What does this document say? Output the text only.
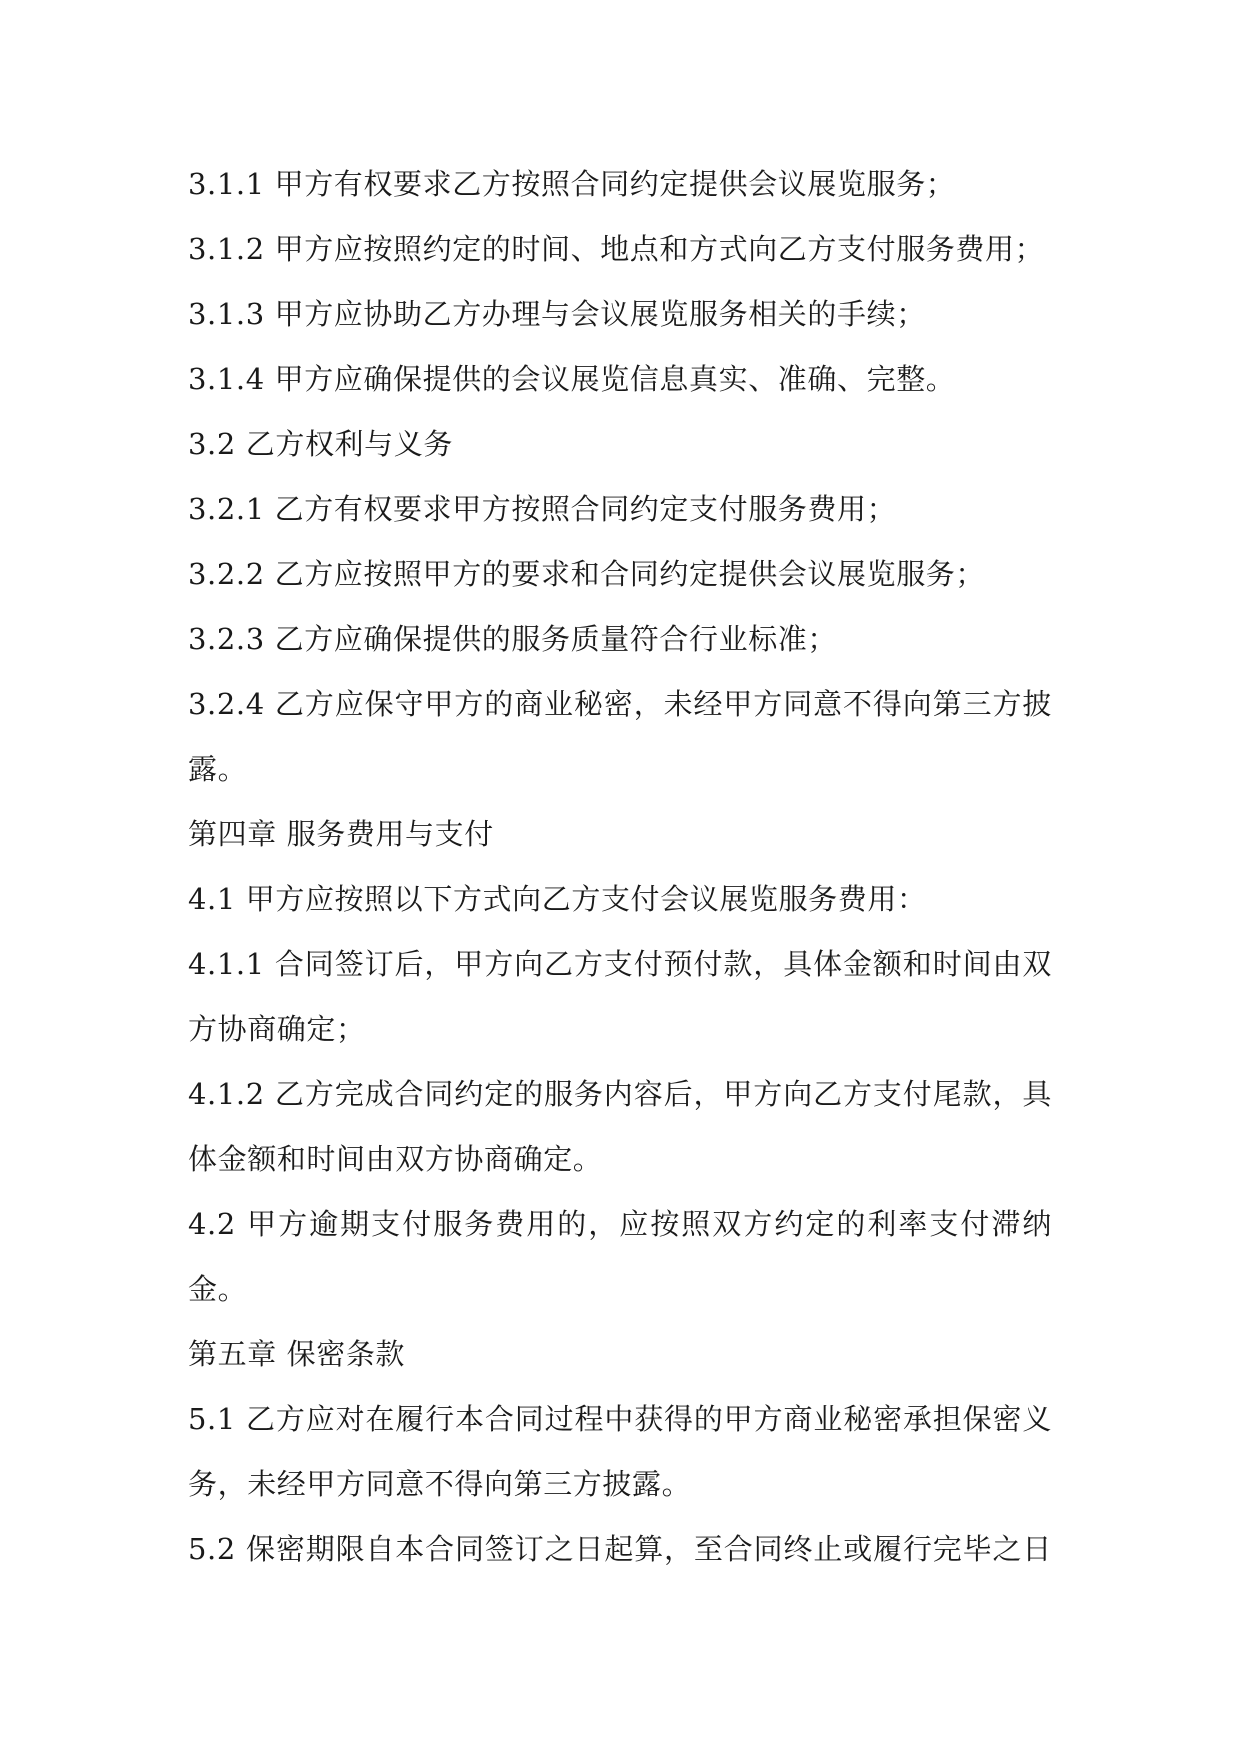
3.1.1 甲方有权要求乙方按照合同约定提供会议展览服务；
3.1.2 甲方应按照约定的时间、地点和方式向乙方支付服务费用；
3.1.3 甲方应协助乙方办理与会议展览服务相关的手续；
3.1.4 甲方应确保提供的会议展览信息真实、准确、完整。
3.2 乙方权利与义务
3.2.1 乙方有权要求甲方按照合同约定支付服务费用；
3.2.2 乙方应按照甲方的要求和合同约定提供会议展览服务；
3.2.3 乙方应确保提供的服务质量符合行业标准；
3.2.4 乙方应保守甲方的商业秘密，未经甲方同意不得向第三方披
露。
第四章 服务费用与支付
4.1 甲方应按照以下方式向乙方支付会议展览服务费用：
4.1.1 合同签订后，甲方向乙方支付预付款，具体金额和时间由双
方协商确定；
4.1.2 乙方完成合同约定的服务内容后，甲方向乙方支付尾款，具
体金额和时间由双方协商确定。
4.2 甲方逾期支付服务费用的，应按照双方约定的利率支付滞纳
金。
第五章 保密条款
5.1 乙方应对在履行本合同过程中获得的甲方商业秘密承担保密义
务，未经甲方同意不得向第三方披露。
5.2 保密期限自本合同签订之日起算，至合同终止或履行完毕之日
